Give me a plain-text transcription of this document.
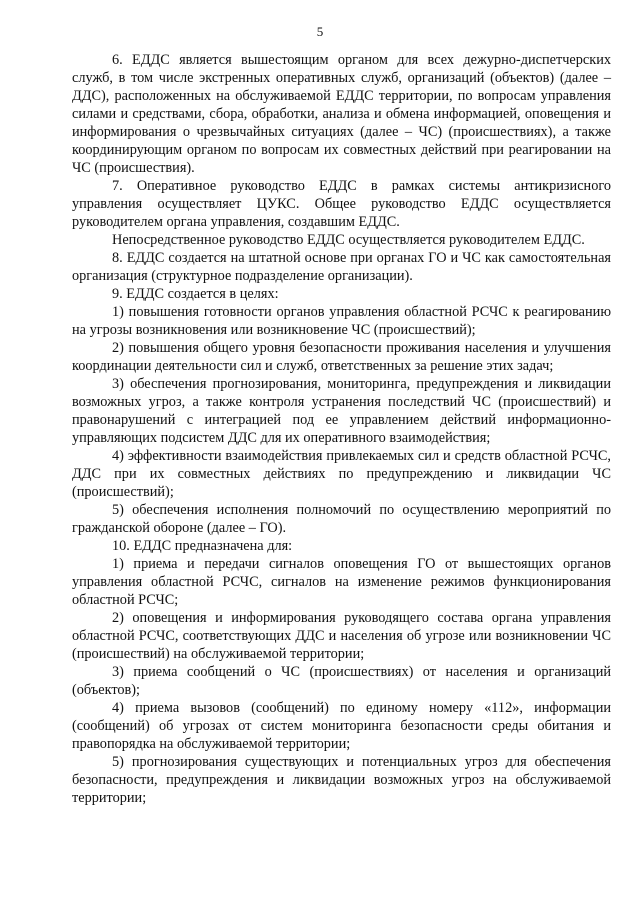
5

6. ЕДДС является вышестоящим органом для всех дежурно-диспетчерских служб, в том числе экстренных оперативных служб, организаций (объектов) (далее – ДДС), расположенных на обслуживаемой ЕДДС территории, по вопросам управления силами и средствами, сбора, обработки, анализа и обмена информацией, оповещения и информирования о чрезвычайных ситуациях (далее – ЧС) (происшествиях), а также координирующим органом по вопросам их совместных действий при реагировании на ЧС (происшествия).

7. Оперативное руководство ЕДДС в рамках системы антикризисного управления осуществляет ЦУКС. Общее руководство ЕДДС осуществляется руководителем органа управления, создавшим ЕДДС.

Непосредственное руководство ЕДДС осуществляется руководителем ЕДДС.

8. ЕДДС создается на штатной основе при органах ГО и ЧС как самостоятельная организация (структурное подразделение организации).

9. ЕДДС создается в целях:

1) повышения готовности органов управления областной РСЧС к реагированию на угрозы возникновения или возникновение ЧС (происшествий);

2) повышения общего уровня безопасности проживания населения и улучшения координации деятельности сил и служб, ответственных за решение этих задач;

3) обеспечения прогнозирования, мониторинга, предупреждения и ликвидации возможных угроз, а также контроля устранения последствий ЧС (происшествий) и правонарушений с интеграцией под ее управлением действий информационно-управляющих подсистем ДДС для их оперативного взаимодействия;

4) эффективности взаимодействия привлекаемых сил и средств областной РСЧС, ДДС при их совместных действиях по предупреждению и ликвидации ЧС (происшествий);

5) обеспечения исполнения полномочий по осуществлению мероприятий по гражданской обороне (далее – ГО).

10. ЕДДС предназначена для:

1) приема и передачи сигналов оповещения ГО от вышестоящих органов управления областной РСЧС, сигналов на изменение режимов функционирования областной РСЧС;

2) оповещения и информирования руководящего состава органа управления областной РСЧС, соответствующих ДДС и населения об угрозе или возникновении ЧС (происшествий) на обслуживаемой территории;

3) приема сообщений о ЧС (происшествиях) от населения и организаций (объектов);

4) приема вызовов (сообщений) по единому номеру «112», информации (сообщений) об угрозах от систем мониторинга безопасности среды обитания и правопорядка на обслуживаемой территории;

5) прогнозирования существующих и потенциальных угроз для обеспечения безопасности, предупреждения и ликвидации возможных угроз на обслуживаемой территории;
